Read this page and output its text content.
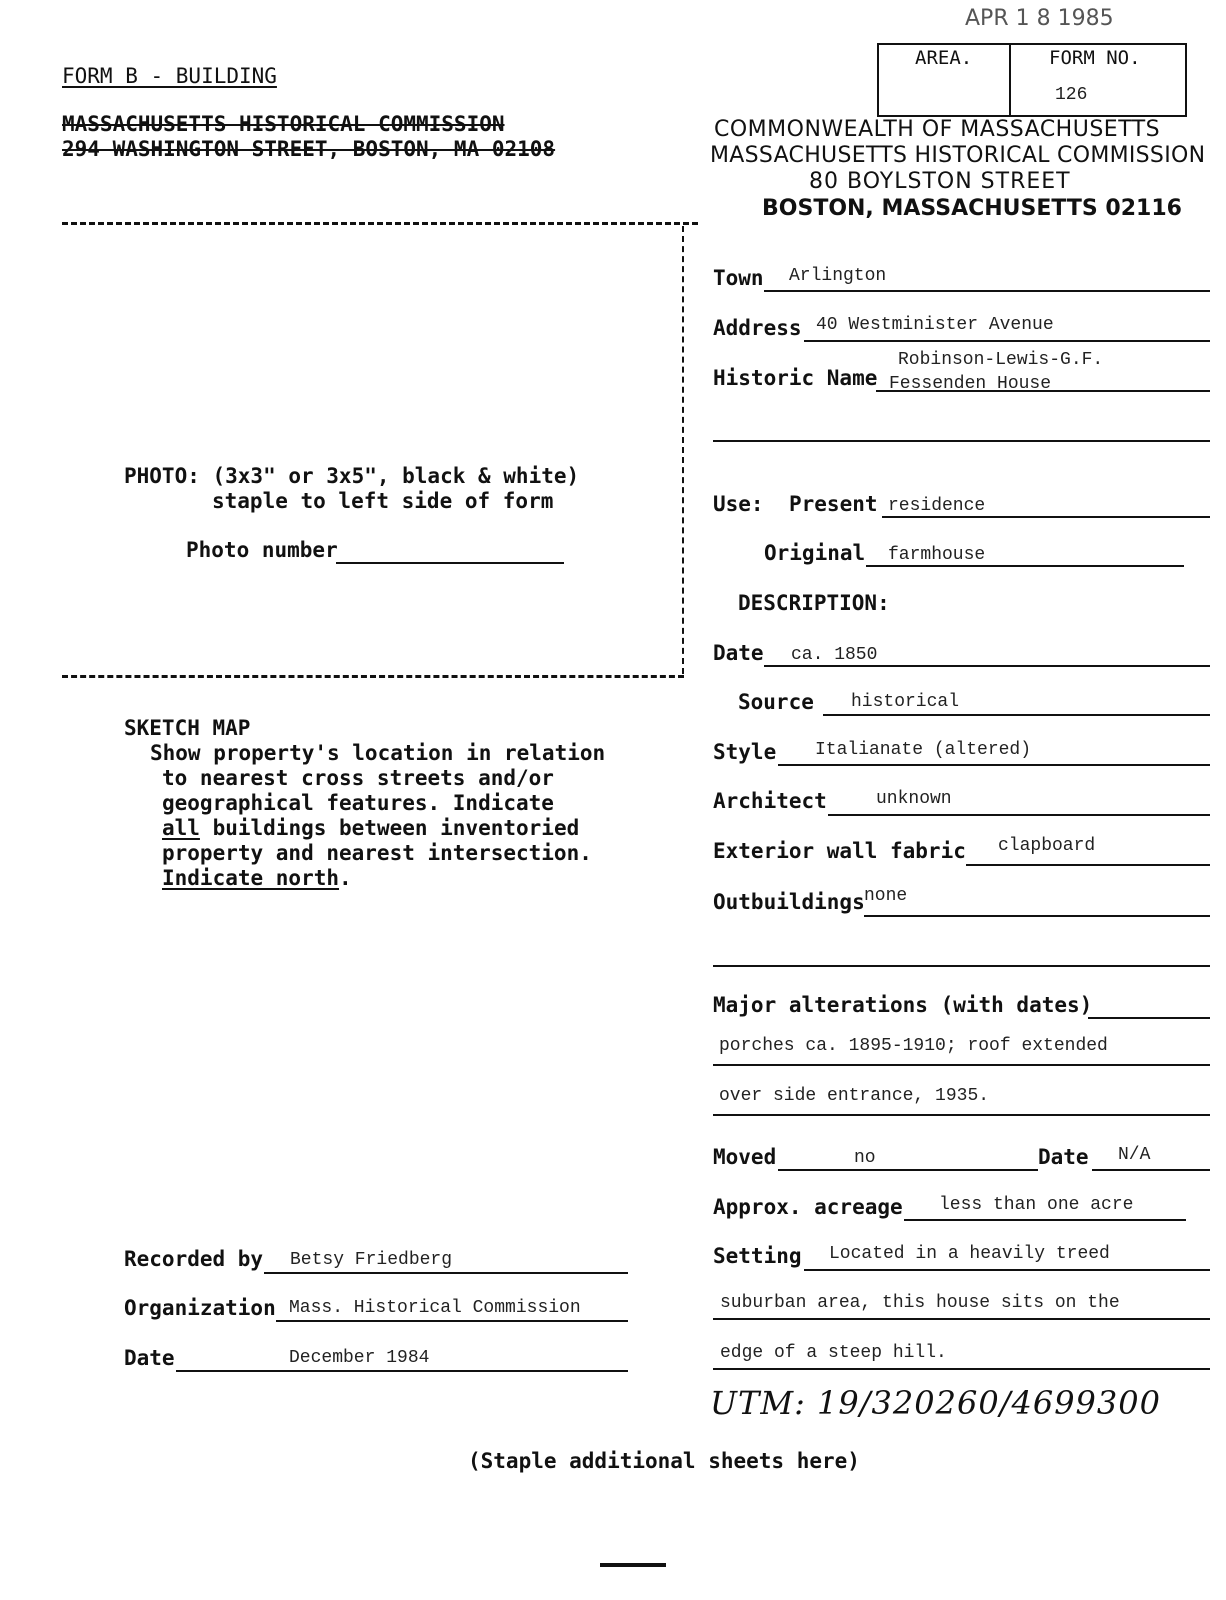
FORM B - BUILDING
MASSACHUSETTS HISTORICAL COMMISSION
294 WASHINGTON STREET, BOSTON, MA 02108
APR 1 8 1985
AREA.	FORM NO.
126
COMMONWEALTH OF MASSACHUSETTS
MASSACHUSETTS HISTORICAL COMMISSION
80 BOYLSTON STREET
BOSTON, MASSACHUSETTS 02116
PHOTO: (3x3" or 3x5", black & white)
staple to left side of form
Photo number
SKETCH MAP
Show property's location in relation
to nearest cross streets and/or
geographical features. Indicate
all buildings between inventoried
property and nearest intersection.
Indicate north.
Recorded by Betsy Friedberg
Organization Mass. Historical Commission
Date	December 1984
Town Arlington
Address 40 Westminister Avenue
Historic Name
Robinson-Lewis-G.F.
Fessenden House
Use: Present residence
Original farmhouse
DESCRIPTION:
Date ca. 1850
Source historical
Style Italianate (altered)
Architect	unknown
Exterior wall fabric clapboard
Outbuildings none
Major alterations (with dates)
porches ca. 1895-1910; roof extended
over side entrance, 1935.
Moved	no	Date N/A
Approx. acreage less than one acre
Setting Located in a heavily treed
suburban area, this house sits on the
edge of a steep hill.
UTM: 19/320260/4699300
(Staple additional sheets here)
